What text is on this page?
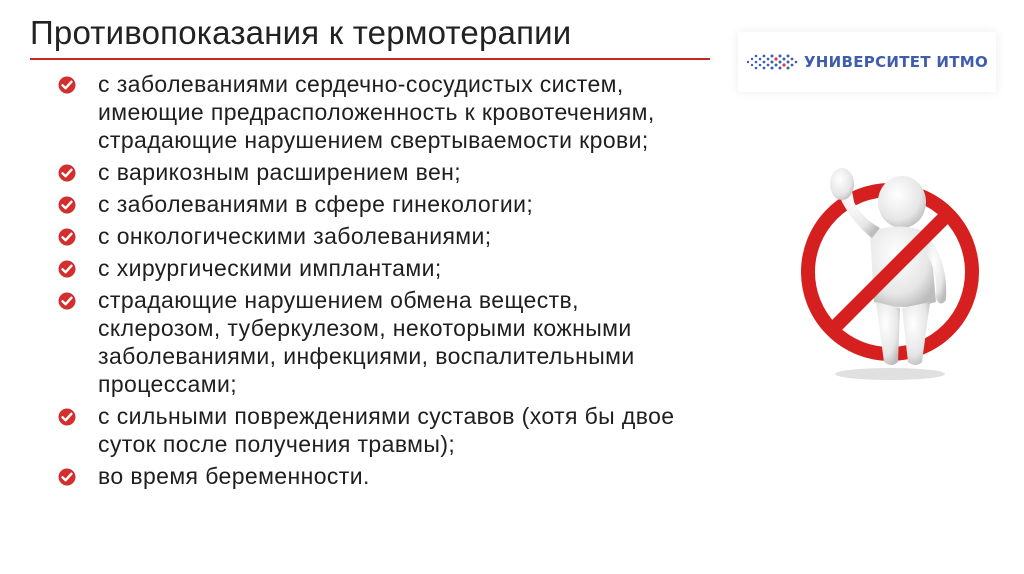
Противопоказания к термотерапии
УНИВЕРСИТЕТ ИТМО
с заболеваниями сердечно-сосудистых систем,
имеющие предрасположенность к кровотечениям,
страдающие нарушением свертываемости крови;
с варикозным расширением вен;
с заболеваниями в сфере гинекологии;
с онкологическими заболеваниями;
с хирургическими имплантами;
страдающие нарушением обмена веществ,
склерозом, туберкулезом, некоторыми кожными
заболеваниями, инфекциями, воспалительными
процессами;
с сильными повреждениями суставов (хотя бы двое
суток после получения травмы);
во время беременности.
